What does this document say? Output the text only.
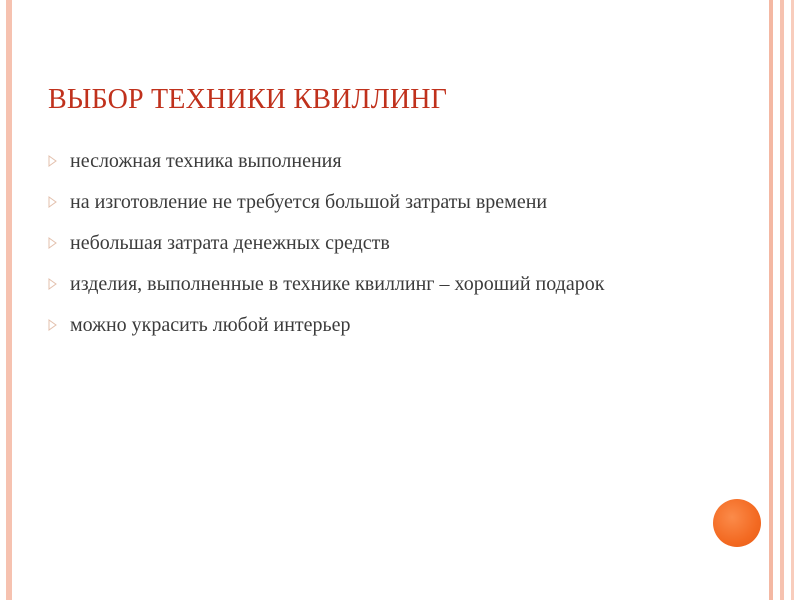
ВЫБОР ТЕХНИКИ КВИЛЛИНГ
несложная техника выполнения
на изготовление не требуется большой затраты времени
небольшая затрата денежных средств
изделия, выполненные в технике квиллинг – хороший подарок
можно украсить любой интерьер
